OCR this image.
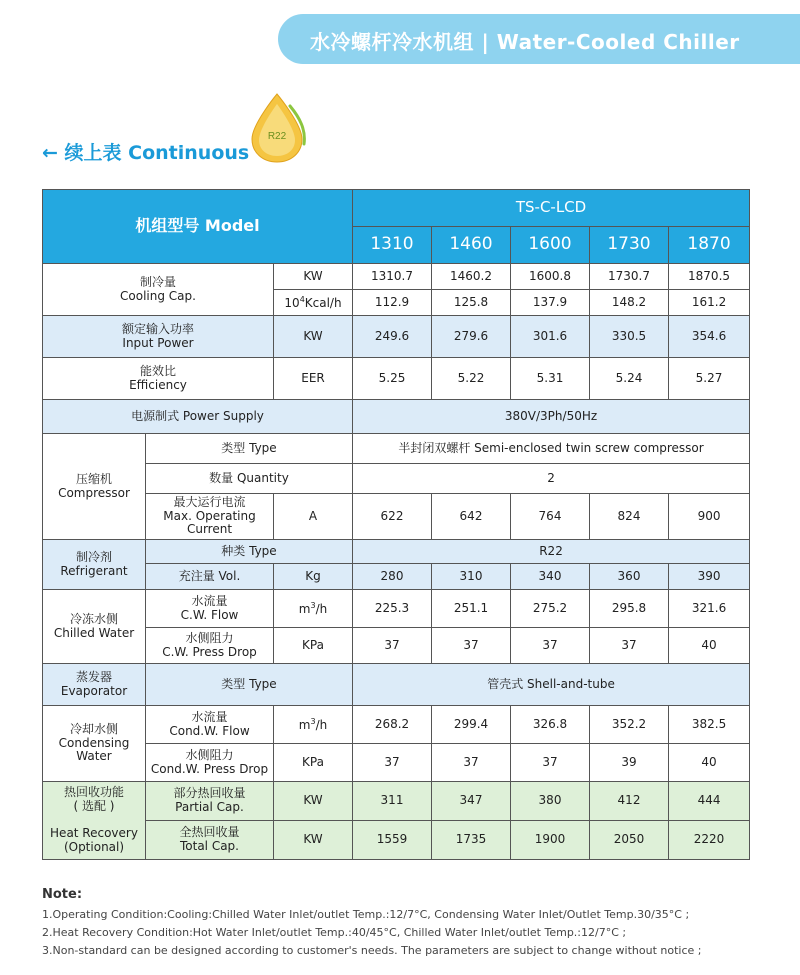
水冷螺杆冷水机组 | Water-Cooled Chiller
← 续上表 Continuous
R22
机组型号 Model			TS-C-LCD				
			1310	1460	1600	1730	1870
制冷量
Cooling Cap.		KW	1310.7	1460.2	1600.8	1730.7	1870.5
		$10^4Kcal/h$	112.9	125.8	137.9	148.2	161.2
额定输入功率
Input Power		KW	249.6	279.6	301.6	330.5	354.6
能效比
Efficiency		EER	5.25	5.22	5.31	5.24	5.27
电源制式 Power Supply			380V/3Ph/50Hz				
压缩机
Compressor	类型 Type		半封闭双螺杆 Semi-enclosed twin screw compressor				
	数量 Quantity		2				
	最大运行电流
Max. Operating
Current	A	622	642	764	824	900
制冷剂
Refrigerant	种类 Type		R22				
	充注量 Vol.	Kg	280	310	340	360	390
冷冻水侧
Chilled Water	水流量
C.W. Flow	$m^3/h$	225.3	251.1	275.2	295.8	321.6
	水侧阻力
C.W. Press Drop	KPa	37	37	37	37	40
蒸发器
Evaporator	类型 Type		管壳式 Shell-and-tube				
冷却水侧
Condensing
Water	水流量
Cond.W. Flow	$m^3/h$	268.2	299.4	326.8	352.2	382.5
	水侧阻力
Cond.W. Press Drop	KPa	37	37	37	39	40
热回收功能
( 选配 )

Heat Recovery
(Optional)	部分热回收量
Partial Cap.	KW	311	347	380	412	444
	全热回收量
Total Cap.	KW	1559	1735	1900	2050	2220
Note:
1.Operating Condition:Cooling:Chilled Water Inlet/outlet Temp.:12/7°C, Condensing Water Inlet/Outlet Temp.30/35°C ;
2.Heat Recovery Condition:Hot Water Inlet/outlet Temp.:40/45°C, Chilled Water Inlet/outlet Temp.:12/7°C ;
3.Non-standard can be designed according to customer's needs. The parameters are subject to change without notice ;
